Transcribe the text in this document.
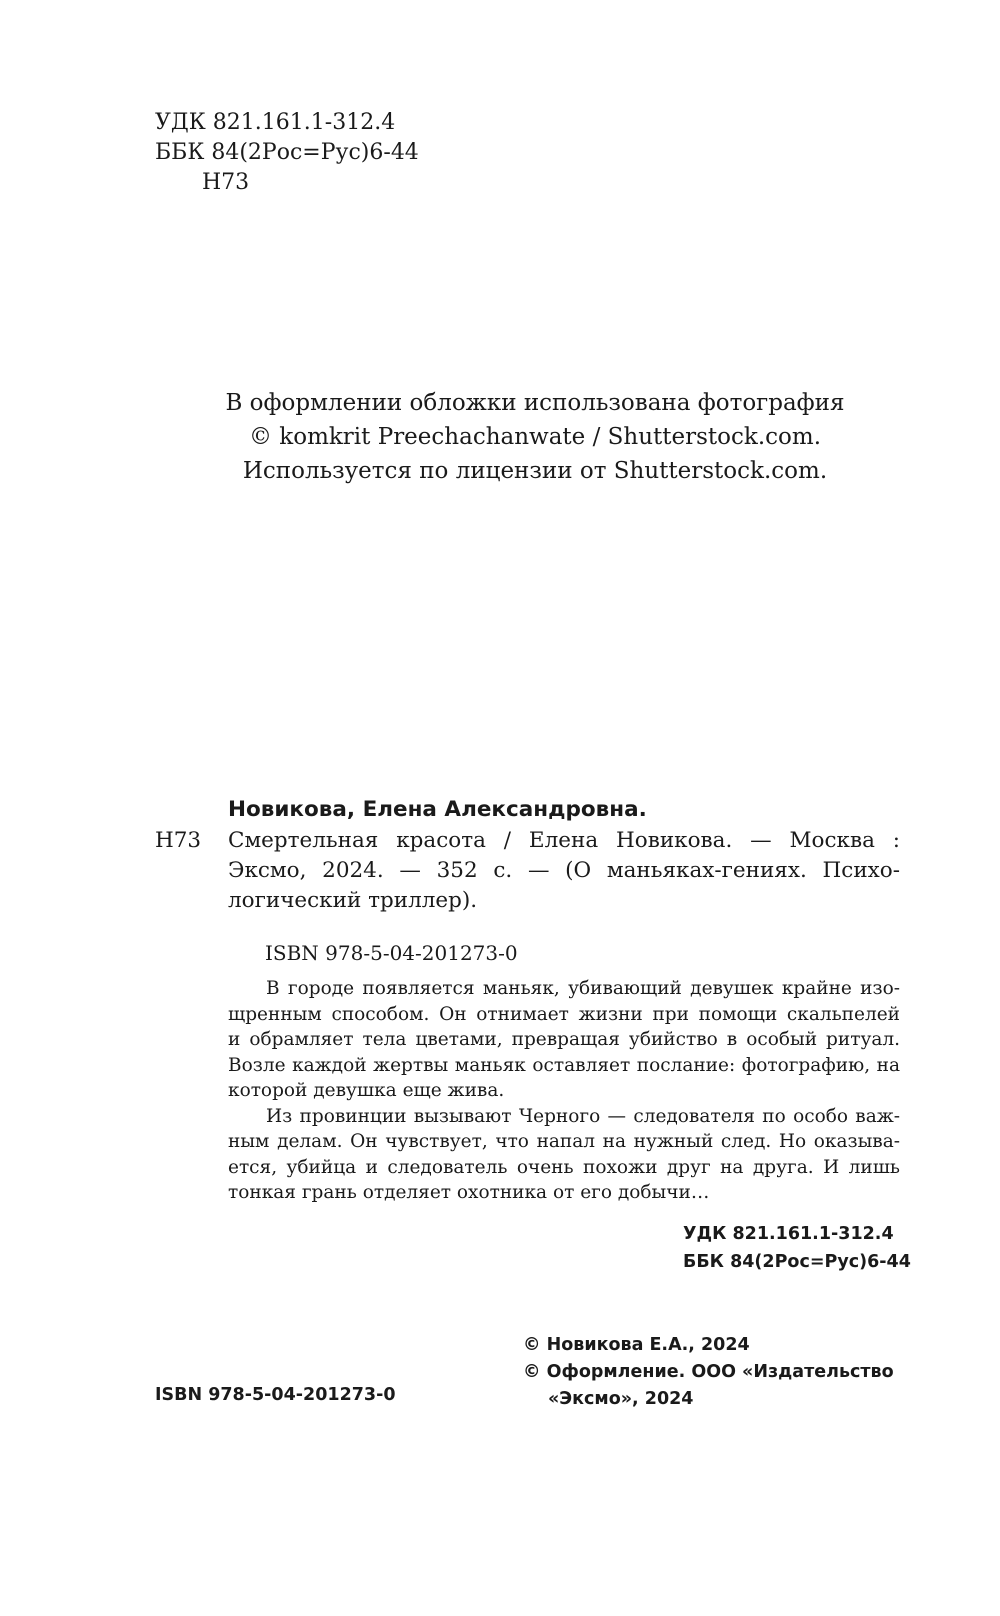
УДК 821.161.1-312.4
ББК 84(2Рос=Рус)6-44
Н73
В оформлении обложки использована фотография
© komkrit Preechachanwate / Shutterstock.com.
Используется по лицензии от Shutterstock.com.
Новикова, Елена Александровна.
Н73 Смертельная красота / Елена Новикова. — Москва :
Эксмо, 2024. — 352 с. — (О маньяках-гениях. Психо-
логический триллер).
ISBN 978-5-04-201273-0
В городе появляется маньяк, убивающий девушек крайне изо-
щренным способом. Он отнимает жизни при помощи скальпелей
и обрамляет тела цветами, превращая убийство в особый ритуал.
Возле каждой жертвы маньяк оставляет послание: фотографию, на
которой девушка еще жива.
Из провинции вызывают Черного — следователя по особо важ-
ным делам. Он чувствует, что напал на нужный след. Но оказыва-
ется, убийца и следователь очень похожи друг на друга. И лишь
тонкая грань отделяет охотника от его добычи…
УДК 821.161.1-312.4
ББК 84(2Рос=Рус)6-44
© Новикова Е.А., 2024
© Оформление. ООО «Издательство
«Эксмо», 2024
ISBN 978-5-04-201273-0
